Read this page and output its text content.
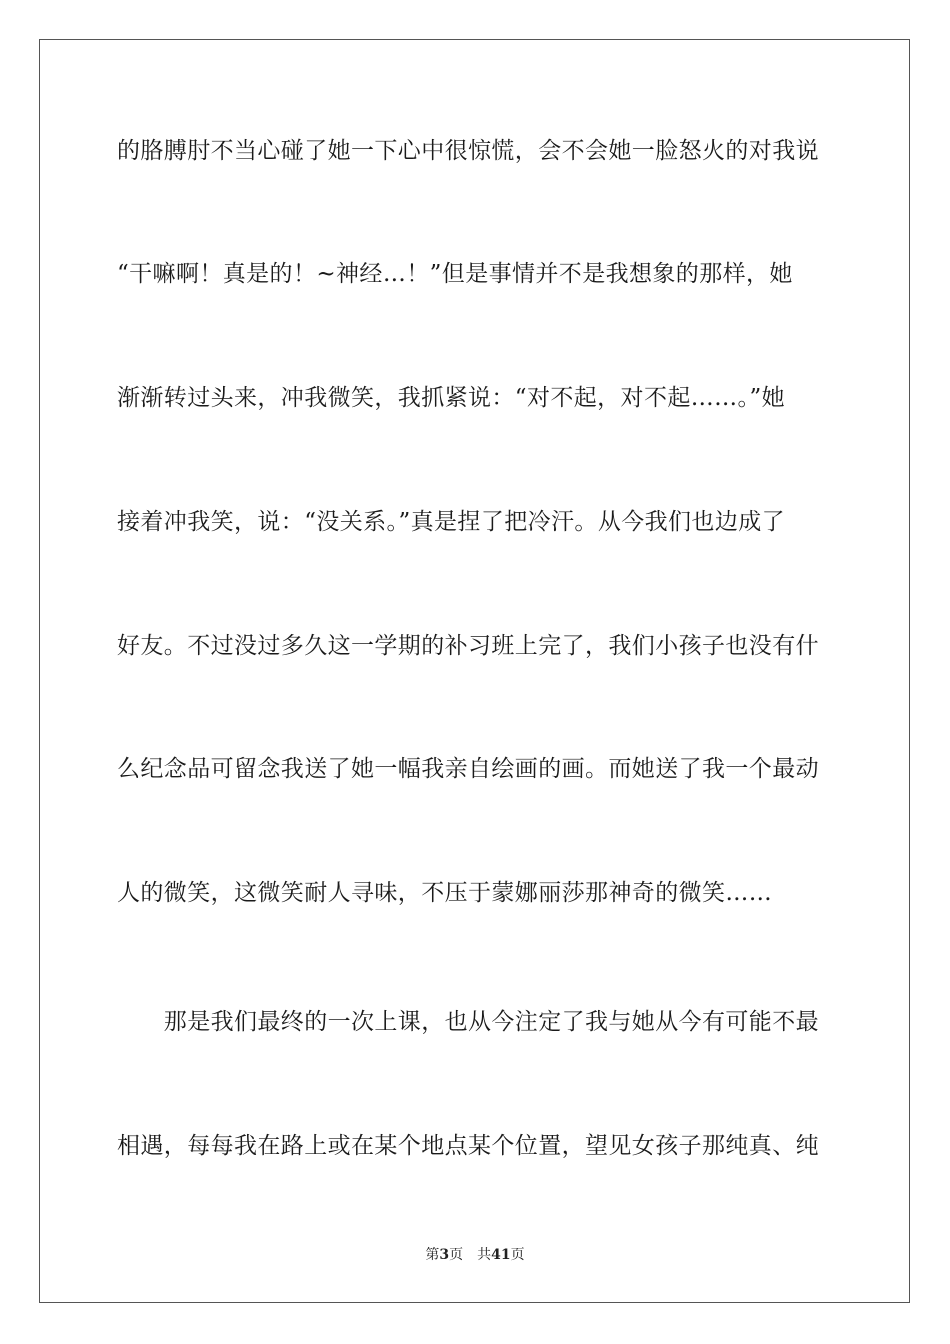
的胳膊肘不当心碰了她一下心中很惊慌，会不会她一脸怒火的对我说

“干嘛啊！真是的！~神经…！”但是事情并不是我想象的那样，她

渐渐转过头来，冲我微笑，我抓紧说：“对不起，对不起……。”她

接着冲我笑，说：“没关系。”真是捏了把冷汗。从今我们也边成了

好友。不过没过多久这一学期的补习班上完了，我们小孩子也没有什

么纪念品可留念我送了她一幅我亲自绘画的画。而她送了我一个最动

人的微笑，这微笑耐人寻味，不压于蒙娜丽莎那神奇的微笑……

　　那是我们最终的一次上课，也从今注定了我与她从今有可能不最

相遇，每每我在路上或在某个地点某个位置，望见女孩子那纯真、纯

第3页 共41页
